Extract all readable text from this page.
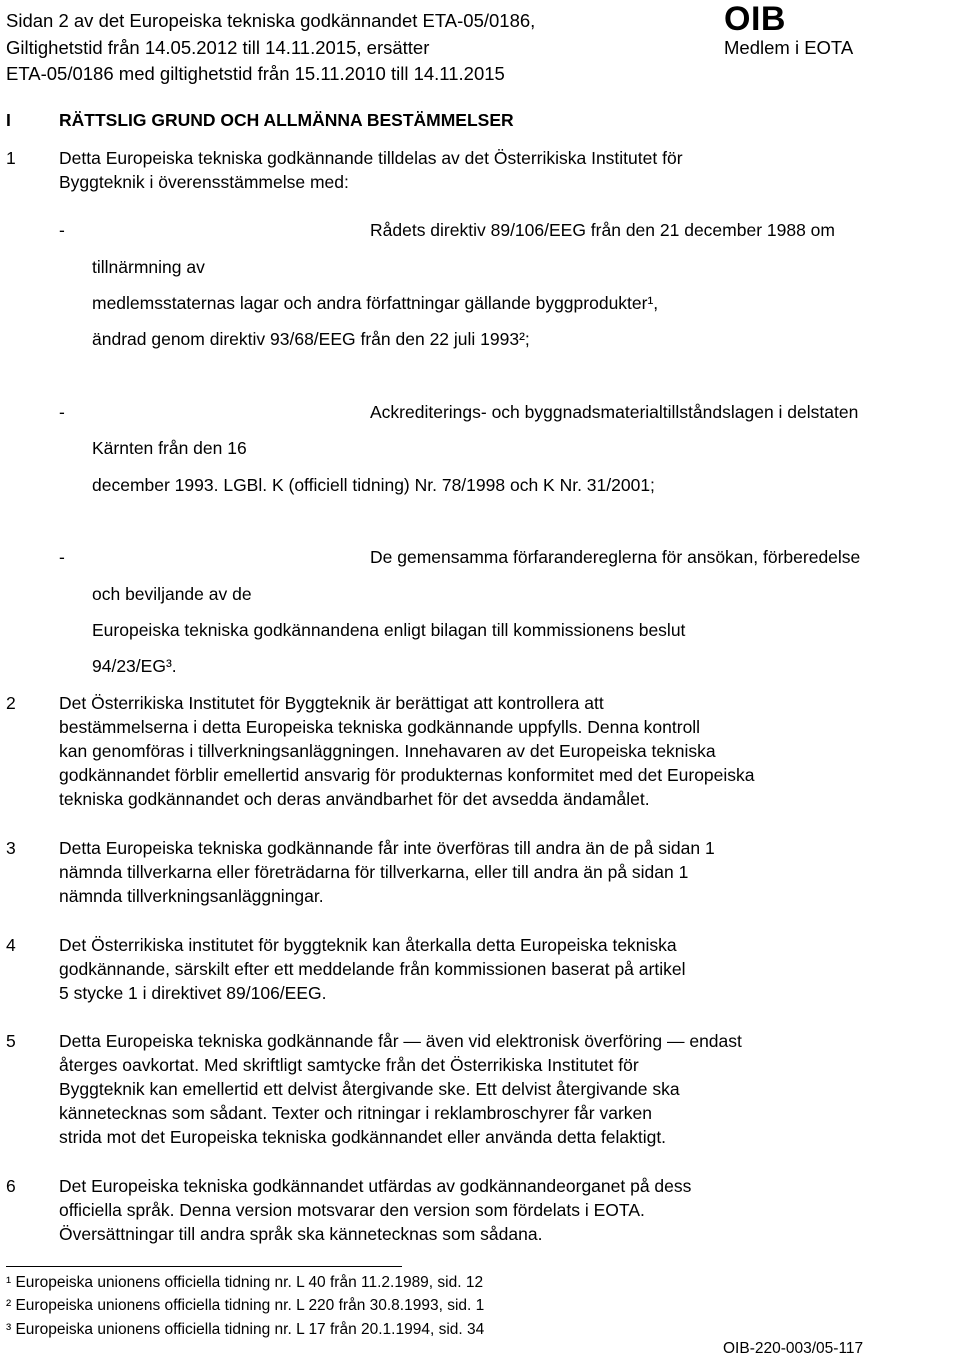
Sidan 2 av det Europeiska tekniska godkännandet ETA-05/0186,
Giltighetstid från 14.05.2012 till 14.11.2015, ersätter
ETA-05/0186 med giltighetstid från 15.11.2010 till 14.11.2015
OIB
Medlem i EOTA
I	RÄTTSLIG GRUND OCH ALLMÄNNA BESTÄMMELSER
1 Detta Europeiska tekniska godkännande tilldelas av det Österrikiska Institutet för
Byggteknik i överensstämmelse med:
-	Rådets direktiv 89/106/EEG från den 21 december 1988 om
tillnärmning av
medlemsstaternas lagar och andra författningar gällande byggprodukter¹,
ändrad genom direktiv 93/68/EEG från den 22 juli 1993²;
-	Ackrediterings- och byggnadsmaterialtillståndslagen i delstaten
Kärnten från den 16
december 1993. LGBl. K (officiell tidning) Nr. 78/1998 och K Nr. 31/2001;
-	De gemensamma förfarandereglerna för ansökan, förberedelse
och beviljande av de
Europeiska tekniska godkännandena enligt bilagan till kommissionens beslut
94/23/EG³.
2 Det Österrikiska Institutet för Byggteknik är berättigat att kontrollera att
bestämmelserna i detta Europeiska tekniska godkännande uppfylls. Denna kontroll
kan genomföras i tillverkningsanläggningen. Innehavaren av det Europeiska tekniska
godkännandet förblir emellertid ansvarig för produkternas konformitet med det Europeiska
tekniska godkännandet och deras användbarhet för det avsedda ändamålet.
3 Detta Europeiska tekniska godkännande får inte överföras till andra än de på sidan 1
nämnda tillverkarna eller företrädarna för tillverkarna, eller till andra än på sidan 1
nämnda tillverkningsanläggningar.
4 Det Österrikiska institutet för byggteknik kan återkalla detta Europeiska tekniska
godkännande, särskilt efter ett meddelande från kommissionen baserat på artikel
5 stycke 1 i direktivet 89/106/EEG.
5 Detta Europeiska tekniska godkännande får — även vid elektronisk överföring — endast
återges oavkortat. Med skriftligt samtycke från det Österrikiska Institutet för
Byggteknik kan emellertid ett delvist återgivande ske. Ett delvist återgivande ska
kännetecknas som sådant. Texter och ritningar i reklambroschyrer får varken
strida mot det Europeiska tekniska godkännandet eller använda detta felaktigt.
6 Det Europeiska tekniska godkännandet utfärdas av godkännandeorganet på dess
officiella språk. Denna version motsvarar den version som fördelats i EOTA.
Översättningar till andra språk ska kännetecknas som sådana.
¹ Europeiska unionens officiella tidning nr. L 40 från 11.2.1989, sid. 12
² Europeiska unionens officiella tidning nr. L 220 från 30.8.1993, sid. 1
³ Europeiska unionens officiella tidning nr. L 17 från 20.1.1994, sid. 34
OIB-220-003/05-117
